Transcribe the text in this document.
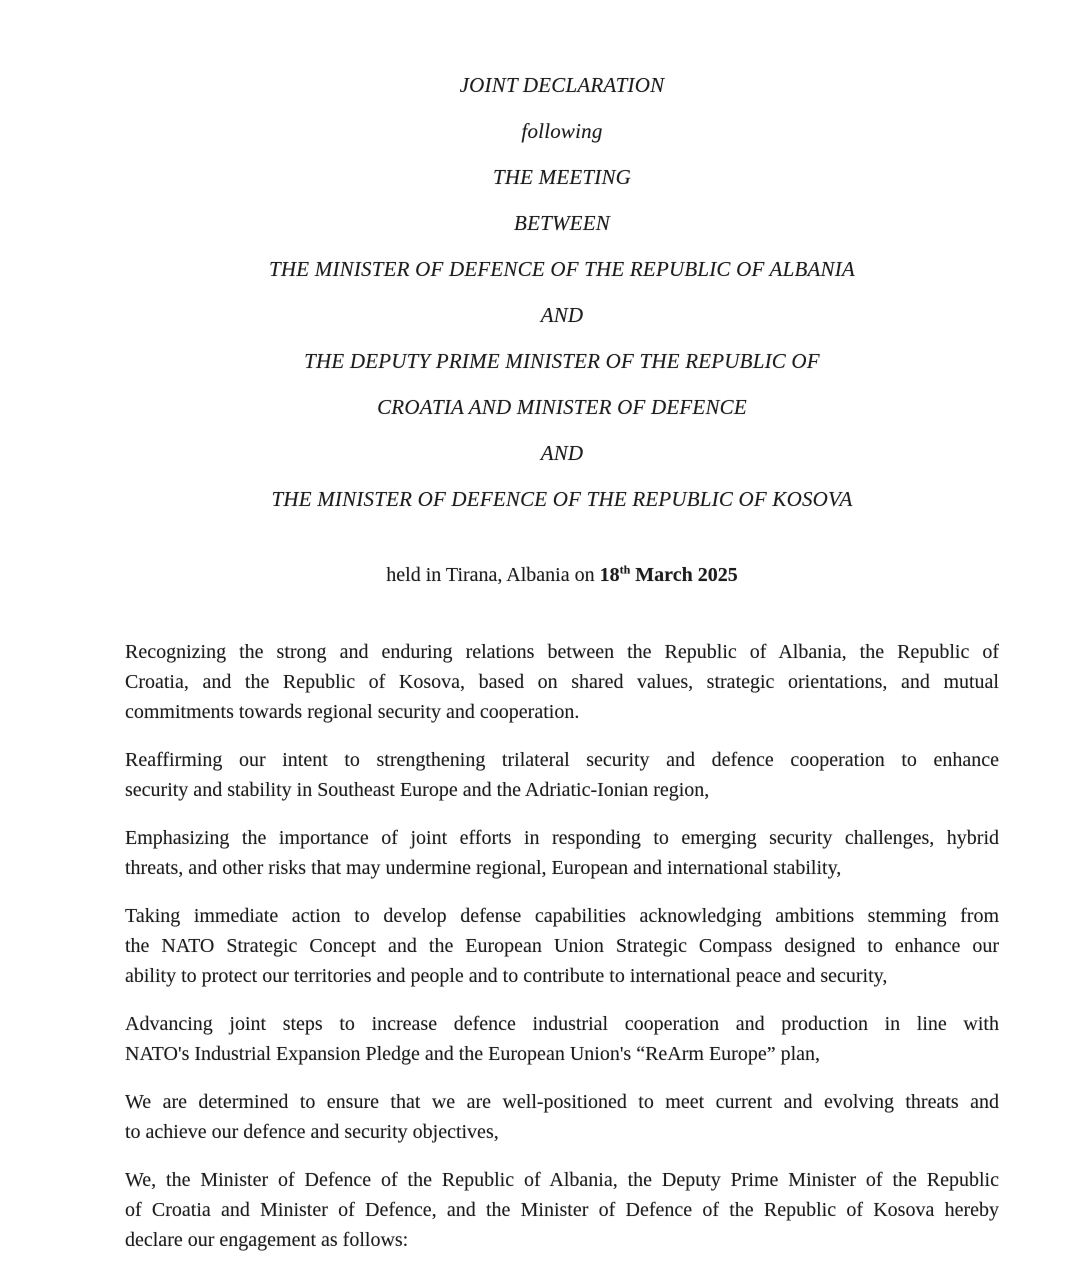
JOINT DECLARATION
following
THE MEETING
BETWEEN
THE MINISTER OF DEFENCE OF THE REPUBLIC OF ALBANIA
AND
THE DEPUTY PRIME MINISTER OF THE REPUBLIC OF
CROATIA AND MINISTER OF DEFENCE
AND
THE MINISTER OF DEFENCE OF THE REPUBLIC OF KOSOVA
held in Tirana, Albania on 18th March 2025

Recognizing the strong and enduring relations between the Republic of Albania, the Republic of
Croatia, and the Republic of Kosova, based on shared values, strategic orientations, and mutual
commitments towards regional security and cooperation.

Reaffirming our intent to strengthening trilateral security and defence cooperation to enhance
security and stability in Southeast Europe and the Adriatic-Ionian region,

Emphasizing the importance of joint efforts in responding to emerging security challenges, hybrid
threats, and other risks that may undermine regional, European and international stability,

Taking immediate action to develop defense capabilities acknowledging ambitions stemming from
the NATO Strategic Concept and the European Union Strategic Compass designed to enhance our
ability to protect our territories and people and to contribute to international peace and security,

Advancing joint steps to increase defence industrial cooperation and production in line with
NATO's Industrial Expansion Pledge and the European Union's “ReArm Europe” plan,

We are determined to ensure that we are well-positioned to meet current and evolving threats and
to achieve our defence and security objectives,

We, the Minister of Defence of the Republic of Albania, the Deputy Prime Minister of the Republic
of Croatia and Minister of Defence, and the Minister of Defence of the Republic of Kosova hereby
declare our engagement as follows:
